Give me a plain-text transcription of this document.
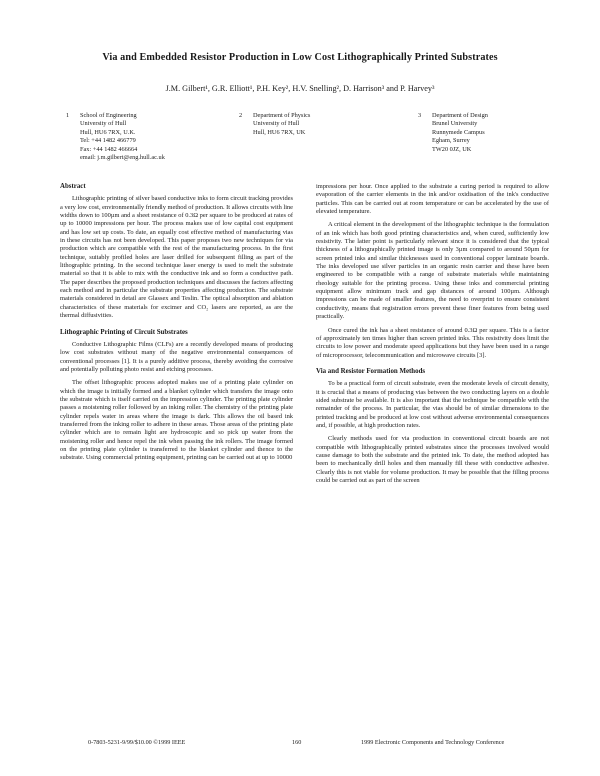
Via and Embedded Resistor Production in Low Cost Lithographically Printed Substrates
J.M. Gilbert¹, G.R. Elliott¹, P.H. Key², H.V. Snelling², D. Harrison³ and P. Harvey³
1 School of Engineering
University of Hull
Hull, HU6 7RX, U.K.
Tel: +44 1482 466779
Fax: +44 1482 466664
email: j.m.gilbert@eng.hull.ac.uk
2 Department of Physics
University of Hull
Hull, HU6 7RX, UK
3 Department of Design
Brunel University
Runnymede Campus
Egham, Surrey
TW20 0JZ, UK
Abstract

Lithographic printing of silver based conductive inks to form circuit tracking provides a very low cost, environmentally friendly method of production. It allows circuits with line widths down to 100µm and a sheet resistance of 0.3Ω per square to be produced at rates of up to 10000 impressions per hour. The process makes use of low capital cost equipment and has low set up costs. To date, an equally cost effective method of manufacturing vias in these circuits has not been developed. This paper proposes two new techniques for via production which are compatible with the rest of the manufacturing process. In the first technique, suitably profiled holes are laser drilled for subsequent filling as part of the lithographic printing. In the second technique laser energy is used to melt the substrate material so that it is able to mix with the conductive ink and so form a conductive path. The paper describes the proposed production techniques and discusses the factors affecting each method and in particular the substrate properties affecting production. The substrate materials considered in detail are Glassex and Teslin. The optical absorption and ablation characteristics of these materials for excimer and CO₂ lasers are reported, as are the thermal diffusivities.

Lithographic Printing of Circuit Substrates

Conductive Lithographic Films (CLFs) are a recently developed means of producing low cost substrates without many of the negative environmental consequences of conventional processes [1]. It is a purely additive process, thereby avoiding the corrosive and potentially polluting photo resist and etching processes.

The offset lithographic process adopted makes use of a printing plate cylinder on which the image is initially formed and a blanket cylinder which transfers the image onto the substrate which is itself carried on the impression cylinder. The printing plate cylinder passes a moistening roller followed by an inking roller. The chemistry of the printing plate cylinder repels water in areas where the image is dark. This allows the oil based ink transferred from the inking roller to adhere in these areas. Those areas of the printing plate cylinder which are to remain light are hydroscopic and so pick up water from the moistening roller and hence repel the ink when passing the ink rollers. The image formed on the printing plate cylinder is transferred to the blanket cylinder and thence to the substrate. Using commercial printing equipment, printing can be carried out at up to 10000

impressions per hour. Once applied to the substrate a curing period is required to allow evaporation of the carrier elements in the ink and/or oxidisation of the ink's conductive particles. This can be carried out at room temperature or can be accelerated by the use of elevated temperature.

A critical element in the development of the lithographic technique is the formulation of an ink which has both good printing characteristics and, when cured, sufficiently low resistivity. The latter point is particularly relevant since it is considered that the typical thickness of a lithographically printed image is only 3µm compared to around 50µm for screen printed inks and similar thicknesses used in conventional copper laminate boards. The inks developed use silver particles in an organic resin carrier and these have been engineered to be compatible with a range of substrate materials while maintaining rheology suitable for the printing process. Using these inks and commercial printing equipment allow minimum track and gap distances of around 100µm. Although impressions can be made of smaller features, the need to overprint to ensure consistent conductivity, means that registration errors prevent these finer features from being used practically.

Once cured the ink has a sheet resistance of around 0.3Ω per square. This is a factor of approximately ten times higher than screen printed inks. This resistivity does limit the circuits to low power and moderate speed applications but they have been used in a range of microprocessor, telecommunication and microwave circuits [3].

Via and Resistor Formation Methods

To be a practical form of circuit substrate, even the moderate levels of circuit density, it is crucial that a means of producing vias between the two conducting layers on a double sided substrate be available. It is also important that the technique be compatible with the remainder of the process. In particular, the vias should be of similar dimensions to the printed tracking and be produced at low cost without adverse environmental consequences and, if possible, at high production rates.

Clearly methods used for via production in conventional circuit boards are not compatible with lithographically printed substrates since the processes involved would cause damage to both the substrate and the printed ink. To date, the method adopted has been to mechanically drill holes and then manually fill these with conductive adhesive. Clearly this is not viable for volume production. It may be possible that the filling process could be carried out as part of the screen

0-7803-5231-9/99/$10.00 ©1999 IEEE	160	1999 Electronic Components and Technology Conference
